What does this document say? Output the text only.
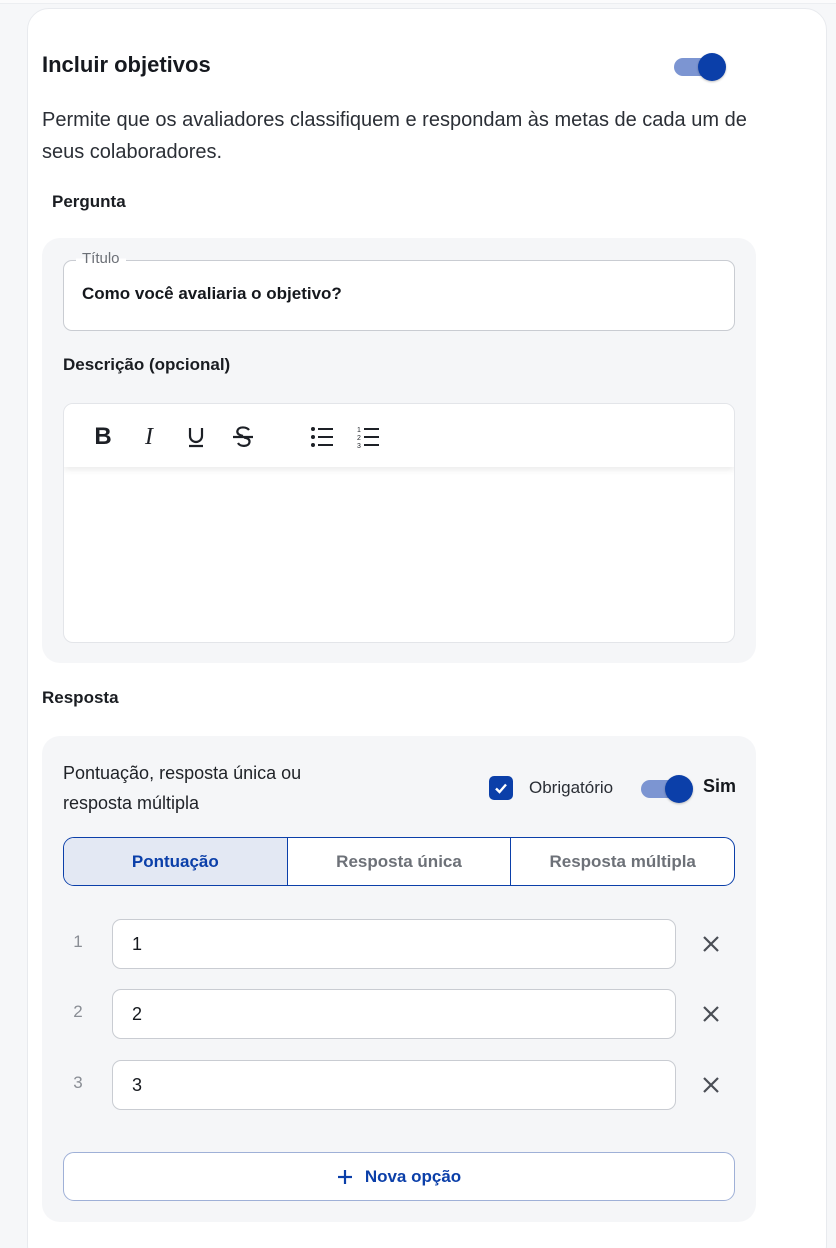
Incluir objetivos
Permite que os avaliadores classifiquem e respondam às metas de cada um de seus colaboradores.
Pergunta
Título
Como você avaliaria o objetivo?
Descrição (opcional)
B	I	1
2
3
Resposta
Pontuação, resposta única ou resposta múltipla
Obrigatório	Sim
Pontuação	Resposta única	Resposta múltipla
1	1
2	2
3	3
Nova opção
